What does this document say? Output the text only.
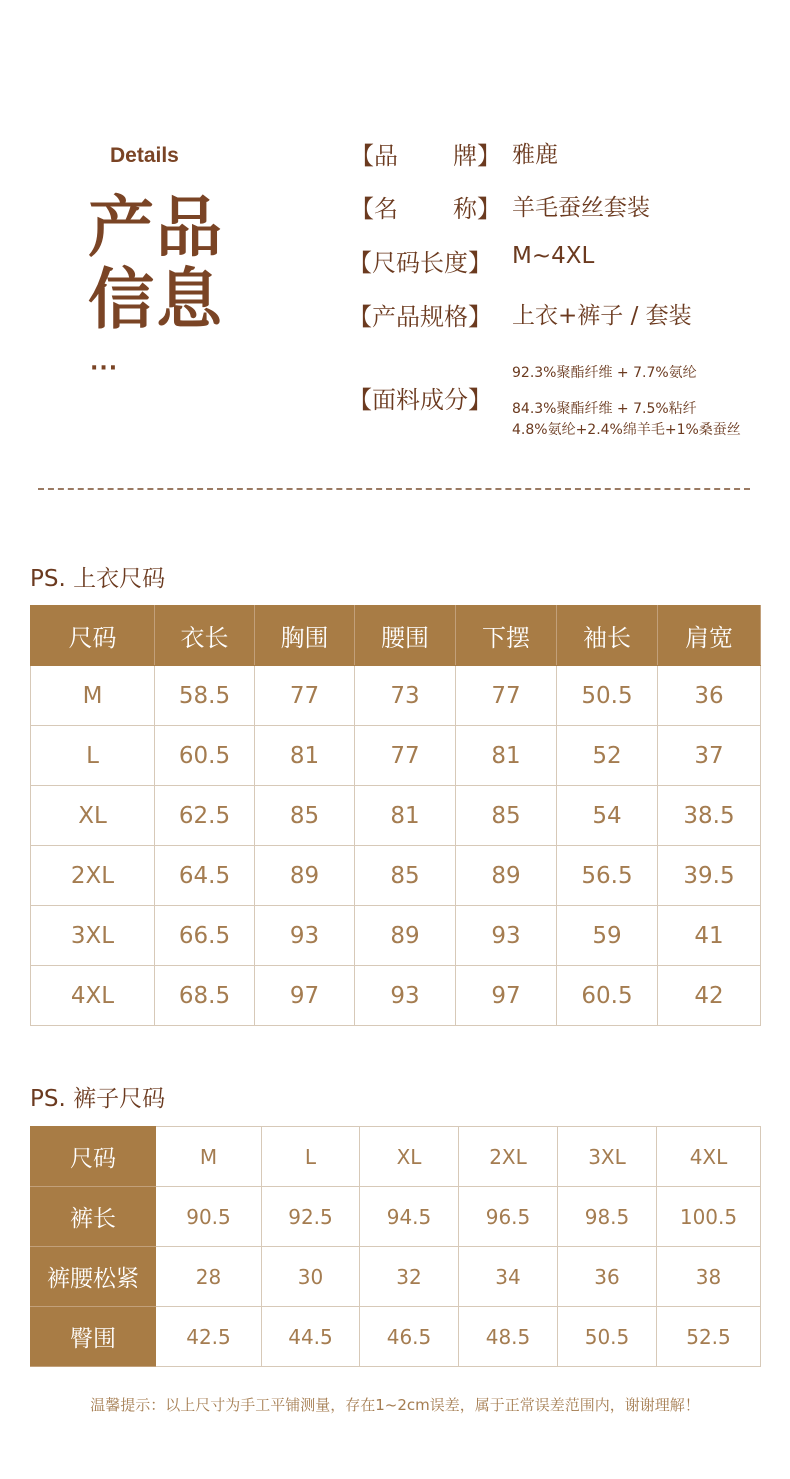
Details
产品
信息
···
【品 牌】 雅鹿
【名 称】 羊毛蚕丝套装
【尺码长度】 M~4XL
【产品规格】 上衣+裤子 / 套装
【面料成分】
92.3%聚酯纤维 + 7.7%氨纶
84.3%聚酯纤维 + 7.5%粘纤
4.8%氨纶+2.4%绵羊毛+1%桑蚕丝
PS. 上衣尺码
尺码	衣长	胸围	腰围	下摆	袖长	肩宽
M	58.5	77	73	77	50.5	36
L	60.5	81	77	81	52	37
XL	62.5	85	81	85	54	38.5
2XL	64.5	89	85	89	56.5	39.5
3XL	66.5	93	89	93	59	41
4XL	68.5	97	93	97	60.5	42
PS. 裤子尺码
尺码	M	L	XL	2XL	3XL	4XL
裤长	90.5	92.5	94.5	96.5	98.5	100.5
裤腰松紧	28	30	32	34	36	38
臀围	42.5	44.5	46.5	48.5	50.5	52.5
温馨提示：以上尺寸为手工平铺测量，存在1~2cm误差，属于正常误差范围内，谢谢理解！
